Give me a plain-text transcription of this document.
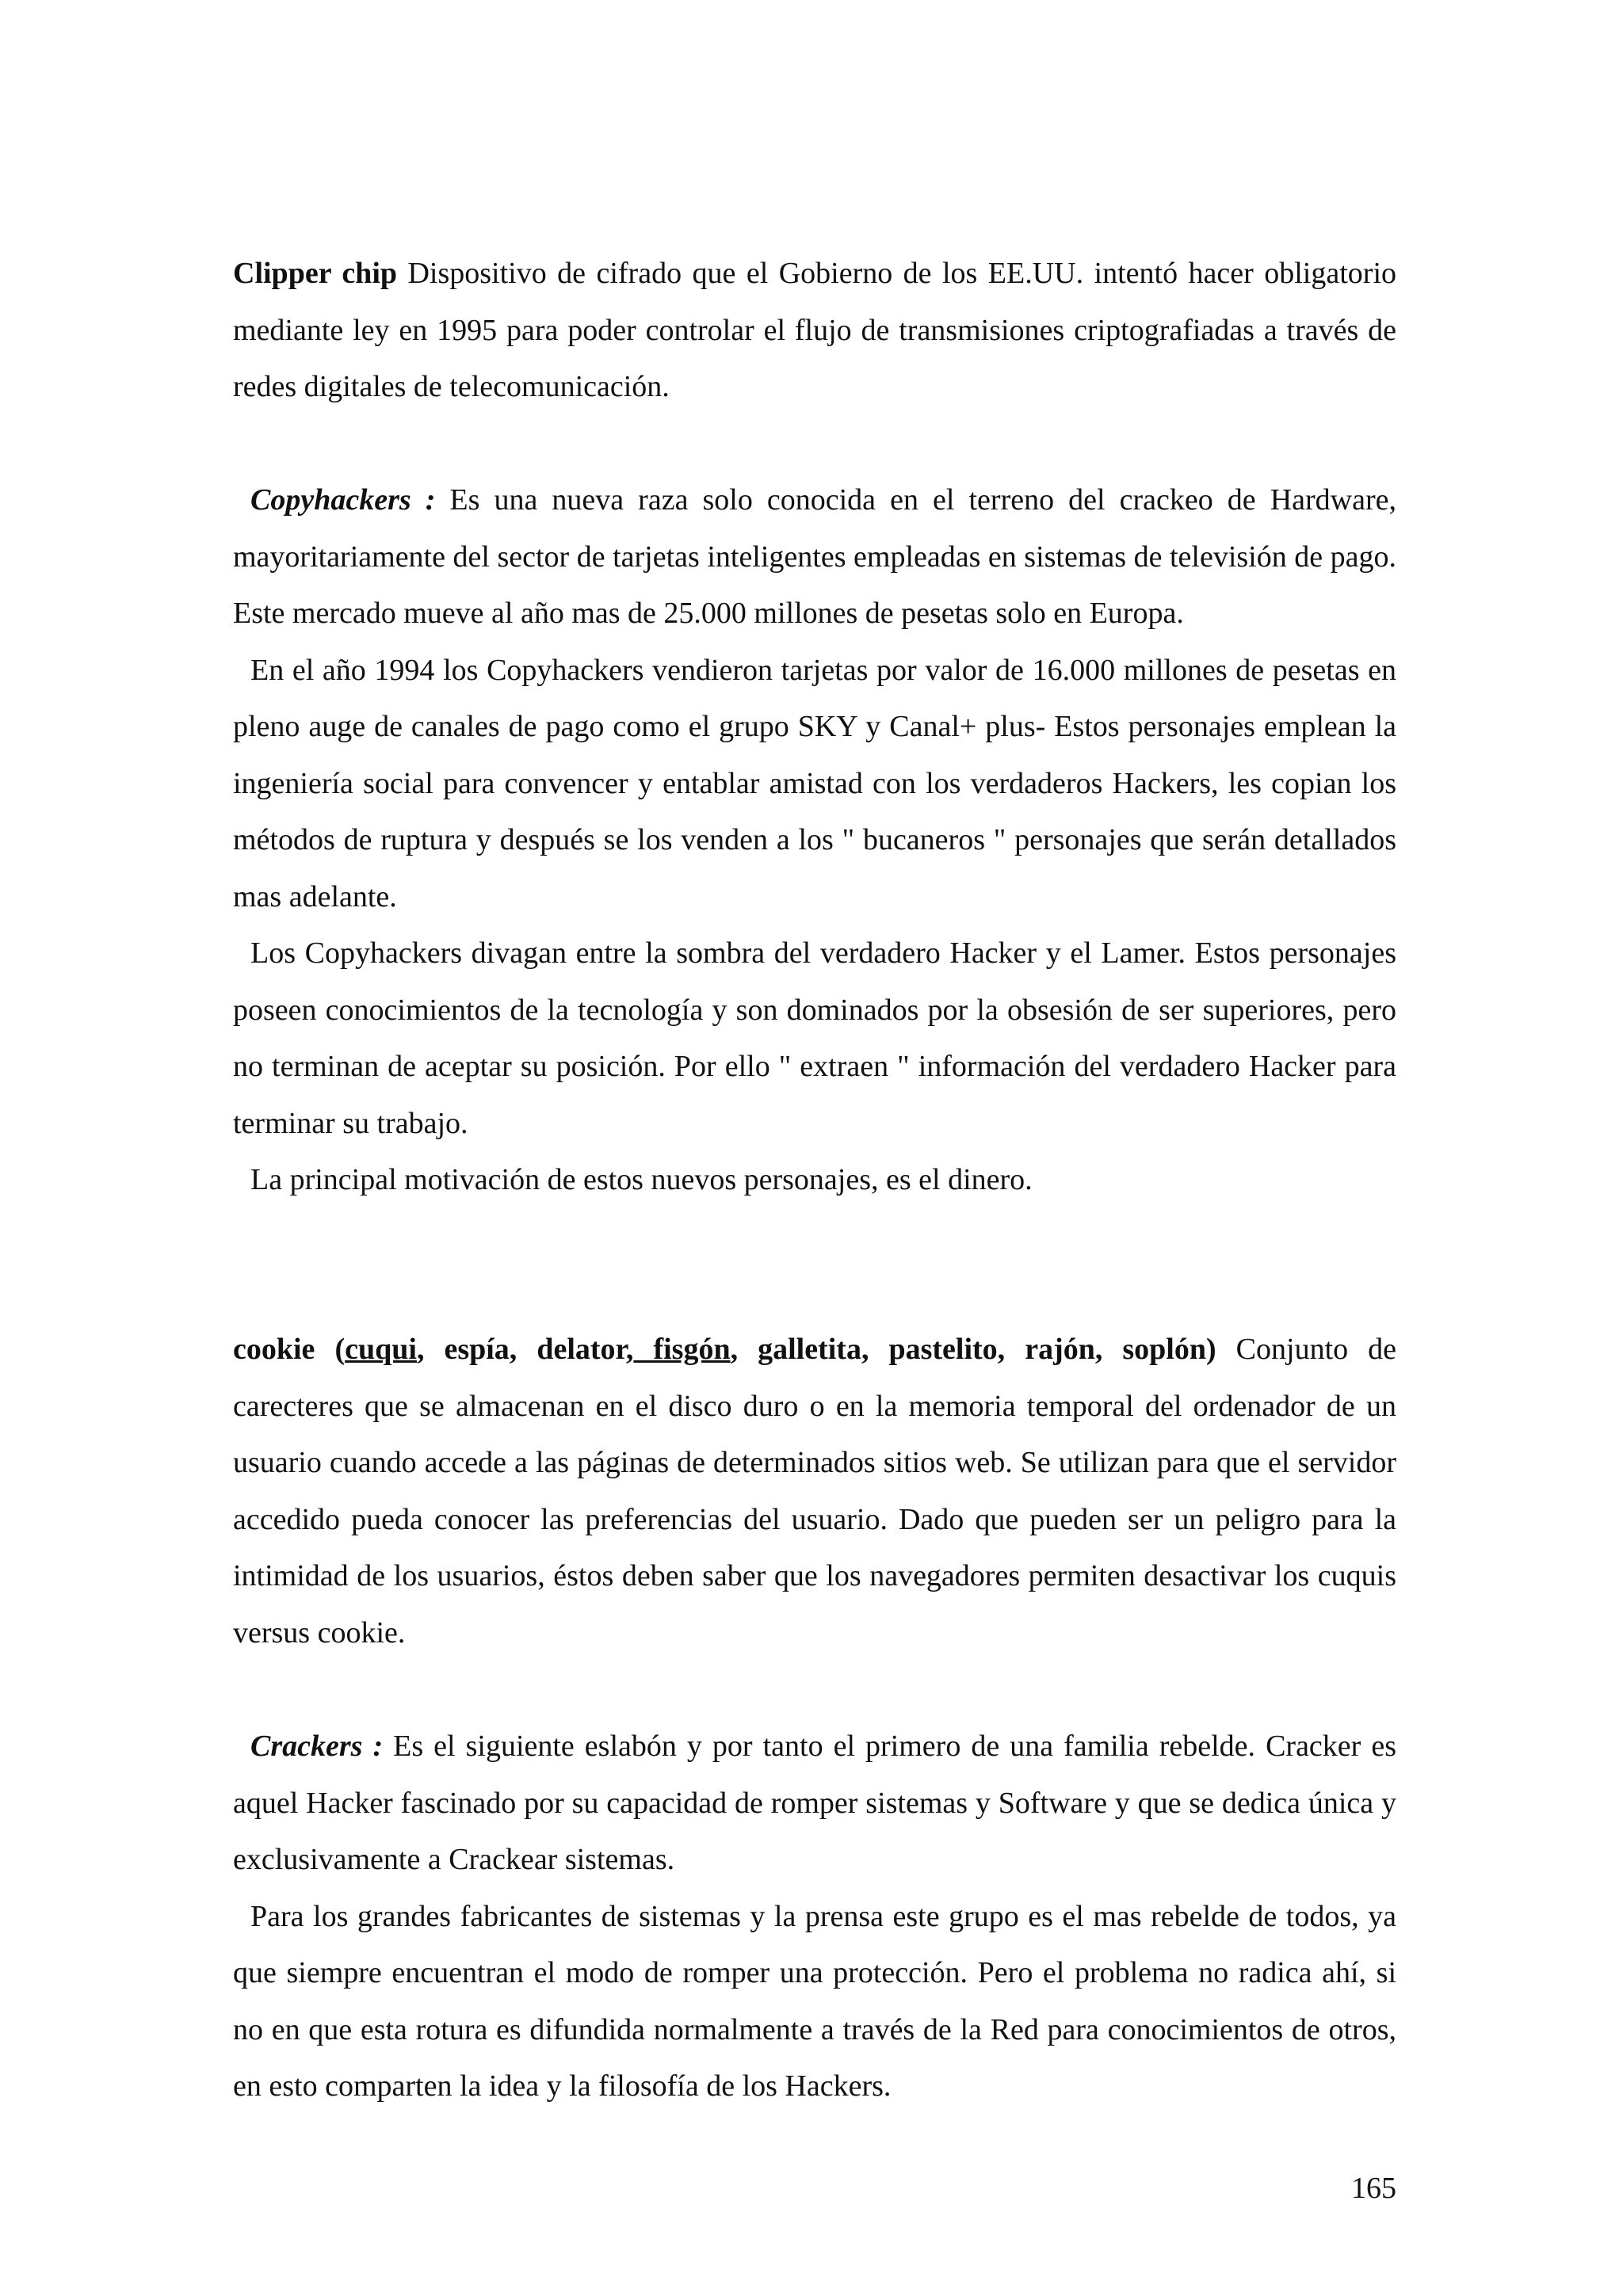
Clipper chip Dispositivo de cifrado que el Gobierno de los EE.UU. intentó hacer obligatorio mediante ley en 1995 para poder controlar el flujo de transmisiones criptografiadas a través de redes digitales de telecomunicación.

Copyhackers : Es una nueva raza solo conocida en el terreno del crackeo de Hardware, mayoritariamente del sector de tarjetas inteligentes empleadas en sistemas de televisión de pago. Este mercado mueve al año mas de 25.000 millones de pesetas solo en Europa.

En el año 1994 los Copyhackers vendieron tarjetas por valor de 16.000 millones de pesetas en pleno auge de canales de pago como el grupo SKY y Canal+ plus- Estos personajes emplean la ingeniería social para convencer y entablar amistad con los verdaderos Hackers, les copian los métodos de ruptura y después se los venden a los " bucaneros " personajes que serán detallados mas adelante.

Los Copyhackers divagan entre la sombra del verdadero Hacker y el Lamer. Estos personajes poseen conocimientos de la tecnología y son dominados por la obsesión de ser superiores, pero no terminan de aceptar su posición. Por ello " extraen " información del verdadero Hacker para terminar su trabajo.

La principal motivación de estos nuevos personajes, es el dinero.

cookie (cuqui, espía, delator, fisgón, galletita, pastelito, rajón, soplón) Conjunto de carecteres que se almacenan en el disco duro o en la memoria temporal del ordenador de un usuario cuando accede a las páginas de determinados sitios web. Se utilizan para que el servidor accedido pueda conocer las preferencias del usuario. Dado que pueden ser un peligro para la intimidad de los usuarios, éstos deben saber que los navegadores permiten desactivar los cuquis versus cookie.

Crackers : Es el siguiente eslabón y por tanto el primero de una familia rebelde. Cracker es aquel Hacker fascinado por su capacidad de romper sistemas y Software y que se dedica única y exclusivamente a Crackear sistemas.

Para los grandes fabricantes de sistemas y la prensa este grupo es el mas rebelde de todos, ya que siempre encuentran el modo de romper una protección. Pero el problema no radica ahí, si no en que esta rotura es difundida normalmente a través de la Red para conocimientos de otros, en esto comparten la idea y la filosofía de los Hackers.

165
